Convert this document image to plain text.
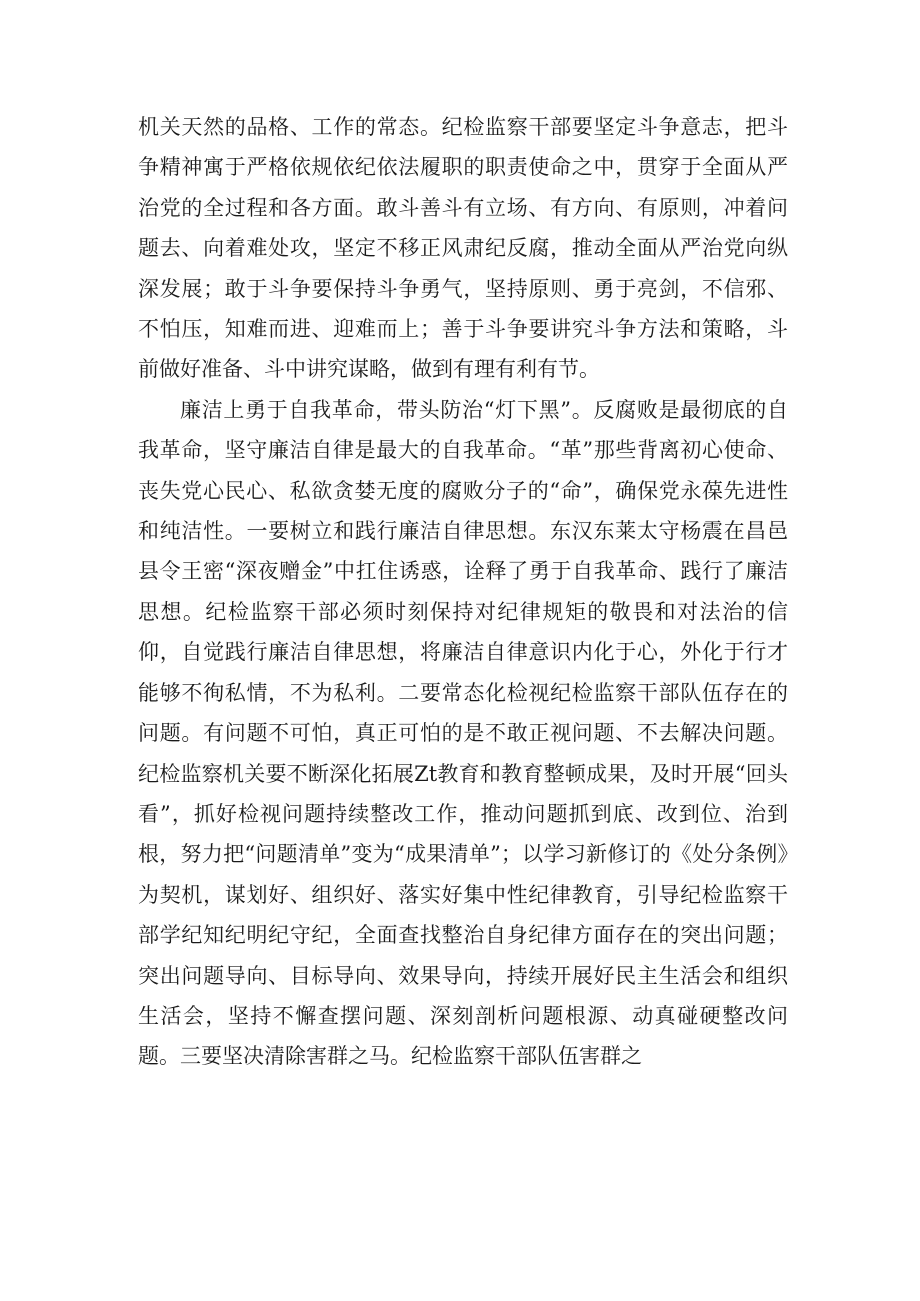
机关天然的品格、工作的常态。纪检监察干部要坚定斗争意志，把斗争精神寓于严格依规依纪依法履职的职责使命之中，贯穿于全面从严治党的全过程和各方面。敢斗善斗有立场、有方向、有原则，冲着问题去、向着难处攻，坚定不移正风肃纪反腐，推动全面从严治党向纵深发展；敢于斗争要保持斗争勇气，坚持原则、勇于亮剑，不信邪、不怕压，知难而进、迎难而上；善于斗争要讲究斗争方法和策略，斗前做好准备、斗中讲究谋略，做到有理有利有节。

廉洁上勇于自我革命，带头防治“灯下黑”。反腐败是最彻底的自我革命，坚守廉洁自律是最大的自我革命。“革”那些背离初心使命、丧失党心民心、私欲贪婪无度的腐败分子的“命”，确保党永葆先进性和纯洁性。一要树立和践行廉洁自律思想。东汉东莱太守杨震在昌邑县令王密“深夜赠金”中扛住诱惑，诠释了勇于自我革命、践行了廉洁思想。纪检监察干部必须时刻保持对纪律规矩的敬畏和对法治的信仰，自觉践行廉洁自律思想，将廉洁自律意识内化于心，外化于行才能够不徇私情，不为私利。二要常态化检视纪检监察干部队伍存在的问题。有问题不可怕，真正可怕的是不敢正视问题、不去解决问题。纪检监察机关要不断深化拓展Zt教育和教育整顿成果，及时开展“回头看”，抓好检视问题持续整改工作，推动问题抓到底、改到位、治到根，努力把“问题清单”变为“成果清单”；以学习新修订的《处分条例》为契机，谋划好、组织好、落实好集中性纪律教育，引导纪检监察干部学纪知纪明纪守纪，全面查找整治自身纪律方面存在的突出问题；突出问题导向、目标导向、效果导向，持续开展好民主生活会和组织生活会，坚持不懈查摆问题、深刻剖析问题根源、动真碰硬整改问题。三要坚决清除害群之马。纪检监察干部队伍害群之
